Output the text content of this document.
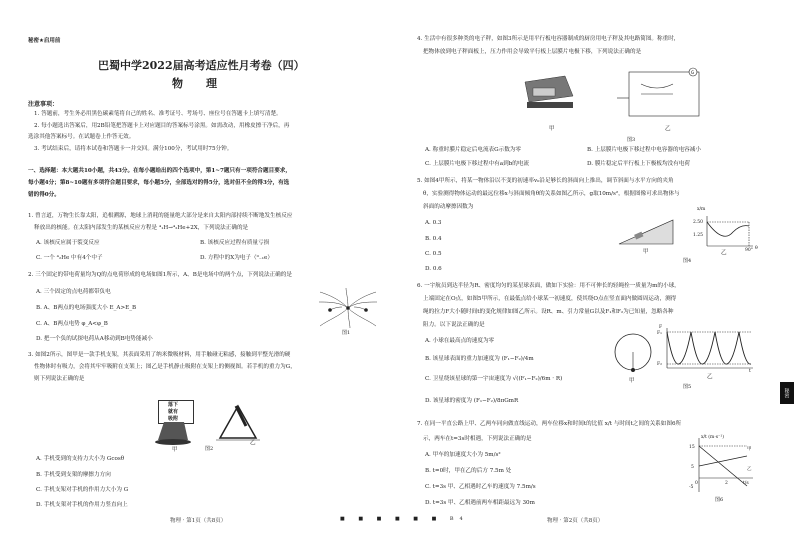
秘密★启用前
巴蜀中学2022届高考适应性月考卷（四）
物　理
注意事项：
1. 答题前，考生务必用黑色碳素笔将自己的姓名、准考证号、考场号、座位号在答题卡上填写清楚。
2. 每小题选出答案后，用2B铅笔把答题卡上对应题目的答案标号涂黑。如需改动，用橡皮擦干净后，再
选涂其他答案标号。在试题卷上作答无效。
3. 考试结束后，请将本试卷和答题卡一并交回。满分100分，考试用时75分钟。
一、选择题：本大题共10小题，共43分。在每小题给出的四个选项中，第1~7题只有一项符合题目要求，
每小题4分；第8~10题有多项符合题目要求，每小题5分，全部选对的得5分，选对但不全的得3分，有选
错的得0分。
1. 曾言道，万物生长靠太阳，追根溯源，地球上消耗的能量绝大部分是来自太阳内部持续不断地发生核反应
释放出的核能。在太阳内部发生的某核反应方程是 ⁴₁H→⁴₂He+2X，下列说法正确的是
A. 该核反应属于裂变反应	B. 该核反应过程有质量亏损
C. 一个 ⁴₂He 中有4个中子	D. 方程中的X为电子（⁰₋₁e）
2. 三个固定的带电荷量均为Q的点电荷形成的电场如图1所示，A、B是电场中的两个点，下列说法正确的是
A. 三个固定的点电荷都带负电
B. A、B两点的电场强度大小 E_A>E_B
C. A、B两点电势 φ_A<φ_B
D. 把一个负的试探电荷从A移动到B电势能减小
图1
3. 如图2所示，图甲是一款手机支架，其表面采用了纳米微吸材料，用手触碰无粘感，接触到平整光滑的硬
性物体时有吸力，会将其牢牢吸附在支架上；图乙是手机静止吸附在支架上的侧视图。若手机的重力为G，
则下列说法正确的是
落下
就有
吸附
甲
乙
图2
A. 手机受到的支持力大小为 Gcosθ
B. 手机受到支架的摩擦力方向
C. 手机支架对手机的作用力大小为 G
D. 手机支架对手机的作用力竖直向上
物理 · 第1页（共8页）	■ ■ ■ ■ ■ ■ B4
4. 生活中有很多种类的电子秤，如图3所示是用平行板电容器制成的厨房用电子秤及其电路简图。称重时，
把物体放到电子秤面板上，压力作用会导致平行板上层膜片电极下移，下列说法正确的是
G
甲	乙
图3
A. 称重时膜片稳定后电流表G示数为零	B. 上层膜片电极下移过程中电容器的电容减小
C. 上层膜片电极下移过程中有a到b的电流	D. 膜片稳定后平行板上下极板均没有电荷
5. 如图4甲所示，将某一物体沿以不变的初速率v₀沿足够长的斜面向上推出，调节斜面与水平方向的夹角
θ，实验测得物体运动的最远位移x与斜面倾角θ的关系如图乙所示，g取10m/s²，根据图像可求出物体与
斜面的动摩擦因数为
A. 0.3
B. 0.4
C. 0.5
D. 0.6
甲
x/m
2.50
1.25
90° θ
乙
图4
6. 一宇航员到达半径为R、密度均匀的某星球表面，做如下实验：用不可伸长的轻绳拴一质量为m的小球，
上端固定在O点，如图5甲所示，在最低点给小球某一初速度，使其绕O点在竖直面内做圆周运动，测得
绳的拉力F大小随时间t的变化规律如图乙所示。设R、m、引力常量G以及F₁和F₂为已知量，忽略各种
阻力。以下说法正确的是
A. 小球在最高点的速度为零
B. 该星球表面的重力加速度为 (F₁−F₂)/4m
C. 卫星绕该星球的第一宇宙速度为 √((F₁−F₂)/6m · R)
D. 该星球的密度为 (F₁−F₂)/8πGmR
甲
F
F₁
F₂
t
乙
图5
7. 在同一平直公路上甲、乙两车同向做直线运动，两车位移x和时间t的比值 x/t 与时间t之间的关系如图6所
示，两车在t=3s时相遇，下列说法正确的是
A. 甲车的加速度大小为 5m/s²
B. t=0时，甲在乙的后方 7.5m 处
C. t=3s 甲、乙相遇时乙车的速度为 7.5m/s
D. t=3s 甲、乙相遇前两车相距最远为 30m
x/t (m·s⁻¹)
15
5
-5
0	2	t/s
甲
乙
图6
物理 · 第2页（共8页）
秘密
